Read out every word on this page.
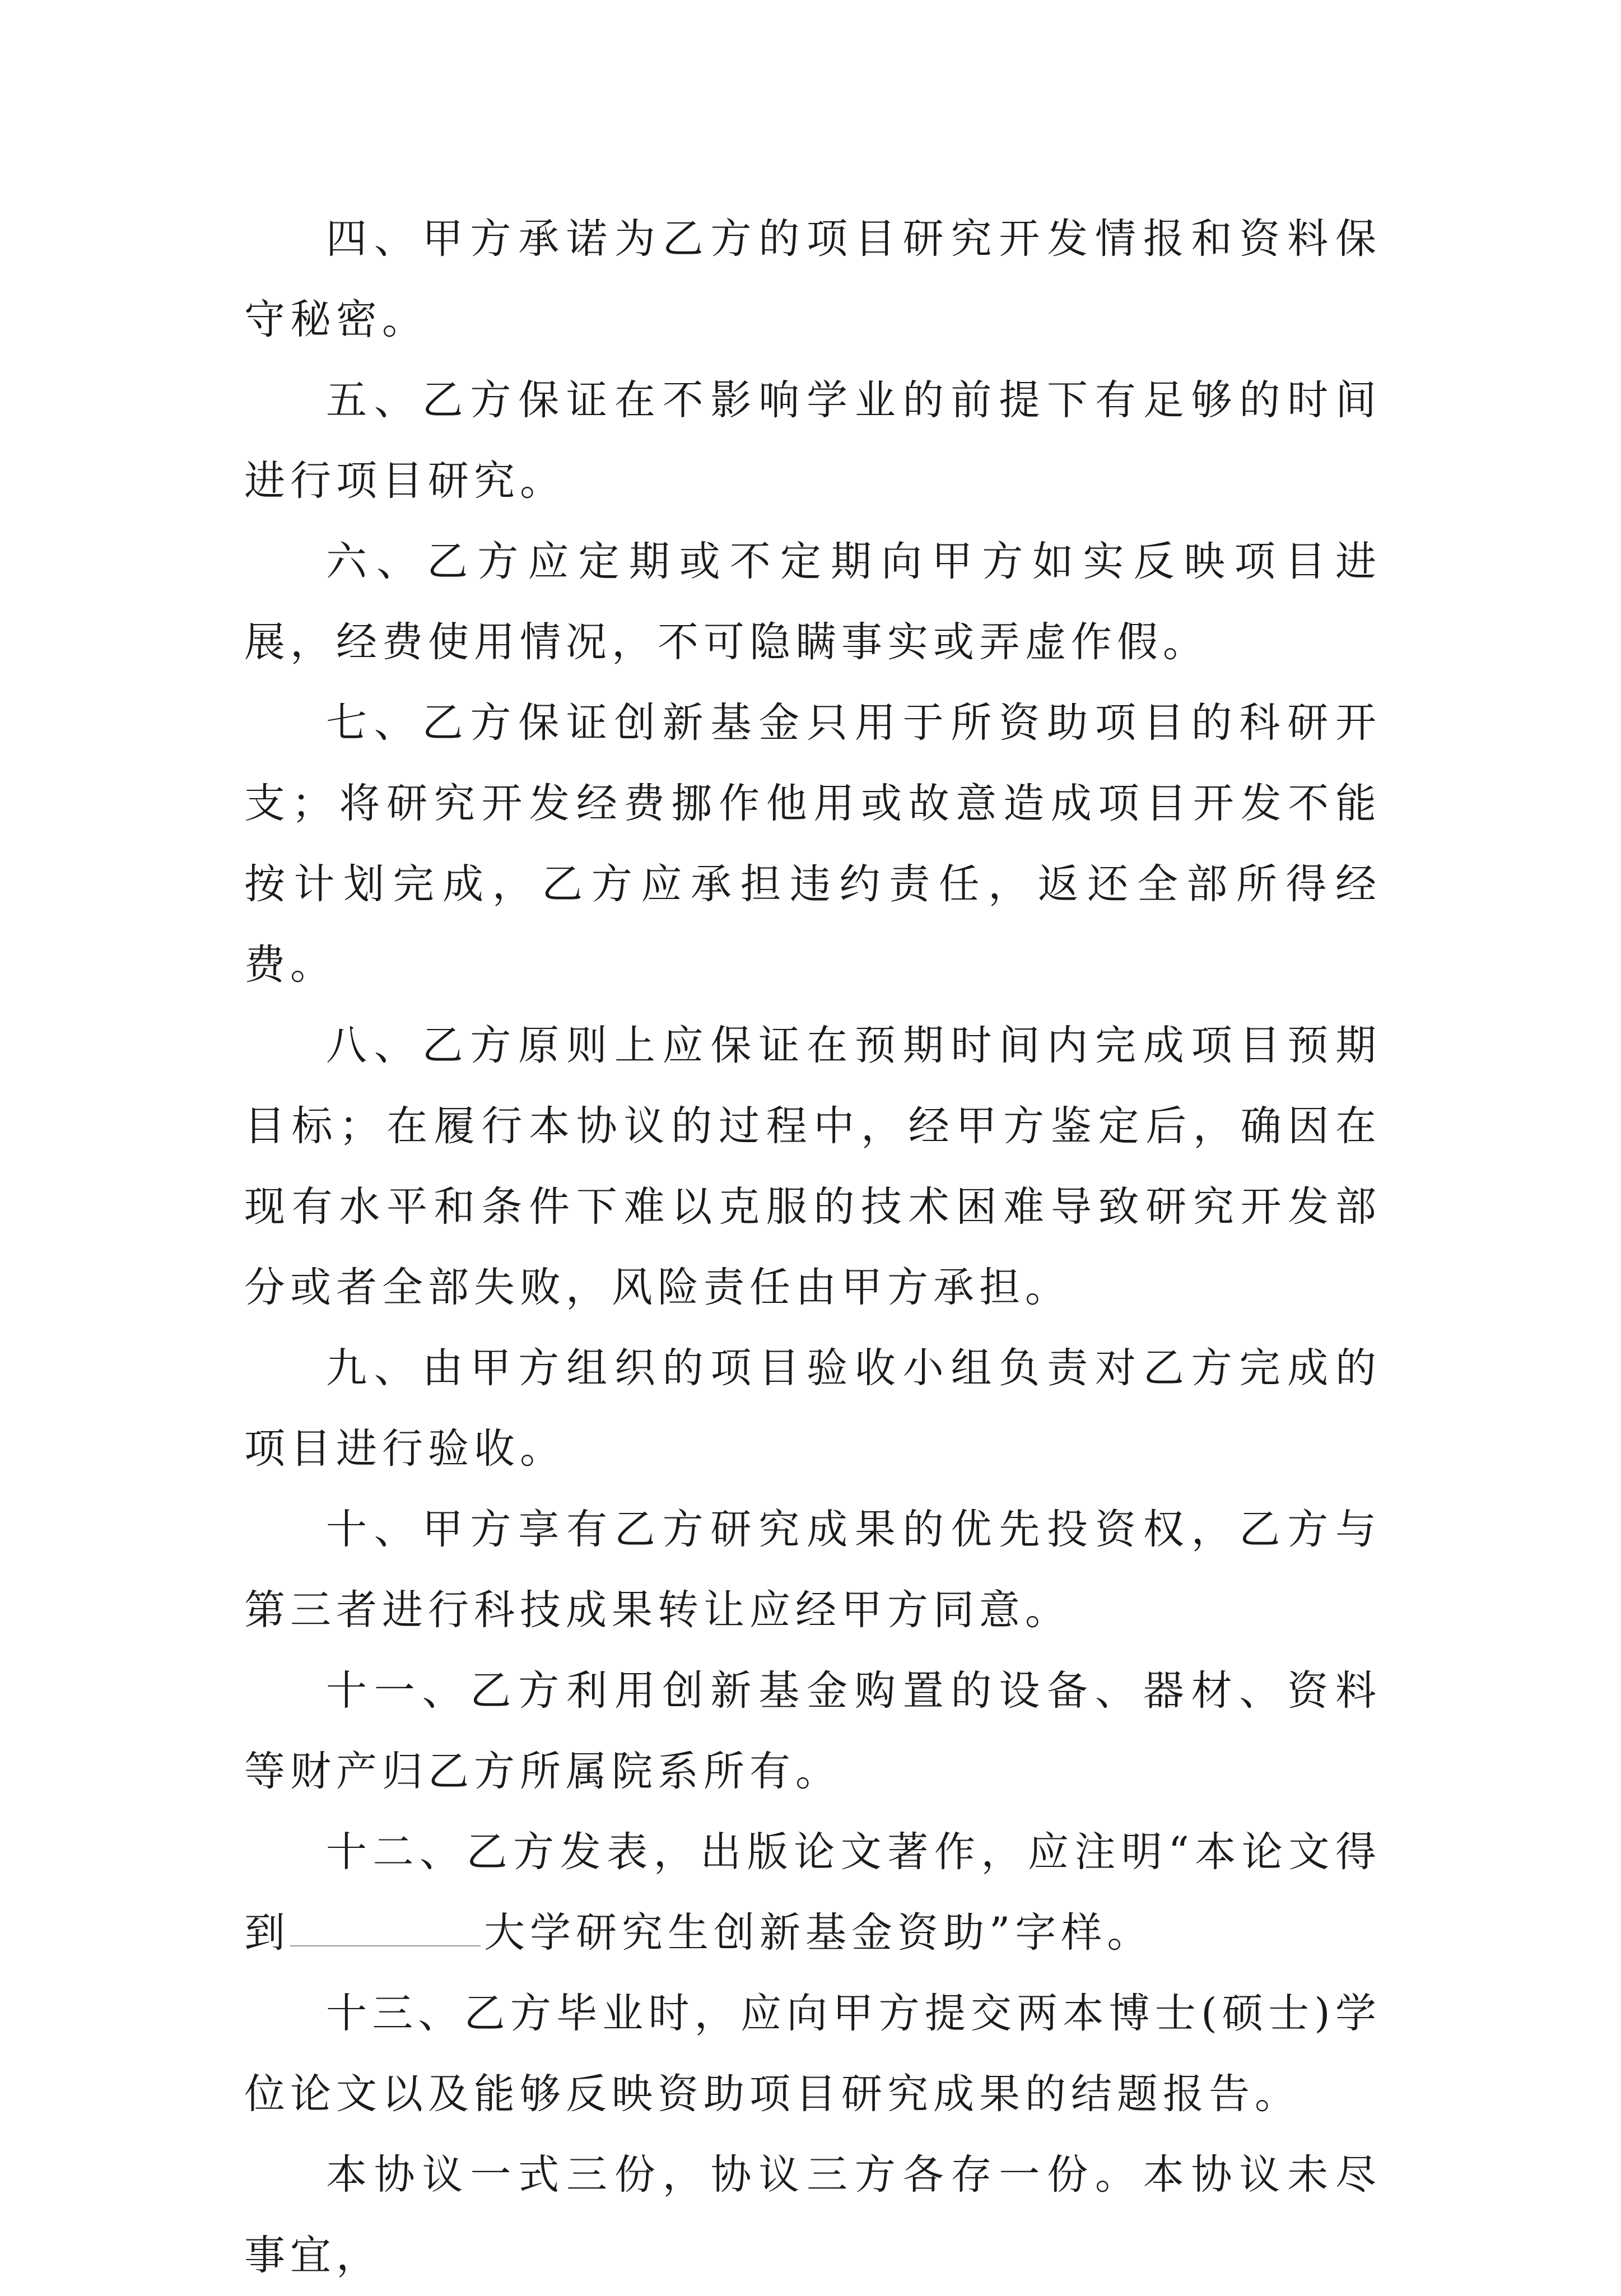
四、甲方承诺为乙方的项目研究开发情报和资料保守秘密。

五、乙方保证在不影响学业的前提下有足够的时间进行项目研究。

六、乙方应定期或不定期向甲方如实反映项目进展，经费使用情况，不可隐瞒事实或弄虚作假。

七、乙方保证创新基金只用于所资助项目的科研开支；将研究开发经费挪作他用或故意造成项目开发不能按计划完成，乙方应承担违约责任，返还全部所得经费。

八、乙方原则上应保证在预期时间内完成项目预期目标；在履行本协议的过程中，经甲方鉴定后，确因在现有水平和条件下难以克服的技术困难导致研究开发部分或者全部失败，风险责任由甲方承担。

九、由甲方组织的项目验收小组负责对乙方完成的项目进行验收。

十、甲方享有乙方研究成果的优先投资权，乙方与第三者进行科技成果转让应经甲方同意。

十一、乙方利用创新基金购置的设备、器材、资料等财产归乙方所属院系所有。

十二、乙方发表，出版论文著作，应注明“本论文得到	大学研究生创新基金资助”字样。

十三、乙方毕业时，应向甲方提交两本博士(硕士)学位论文以及能够反映资助项目研究成果的结题报告。

本协议一式三份，协议三方各存一份。本协议未尽事宜，
